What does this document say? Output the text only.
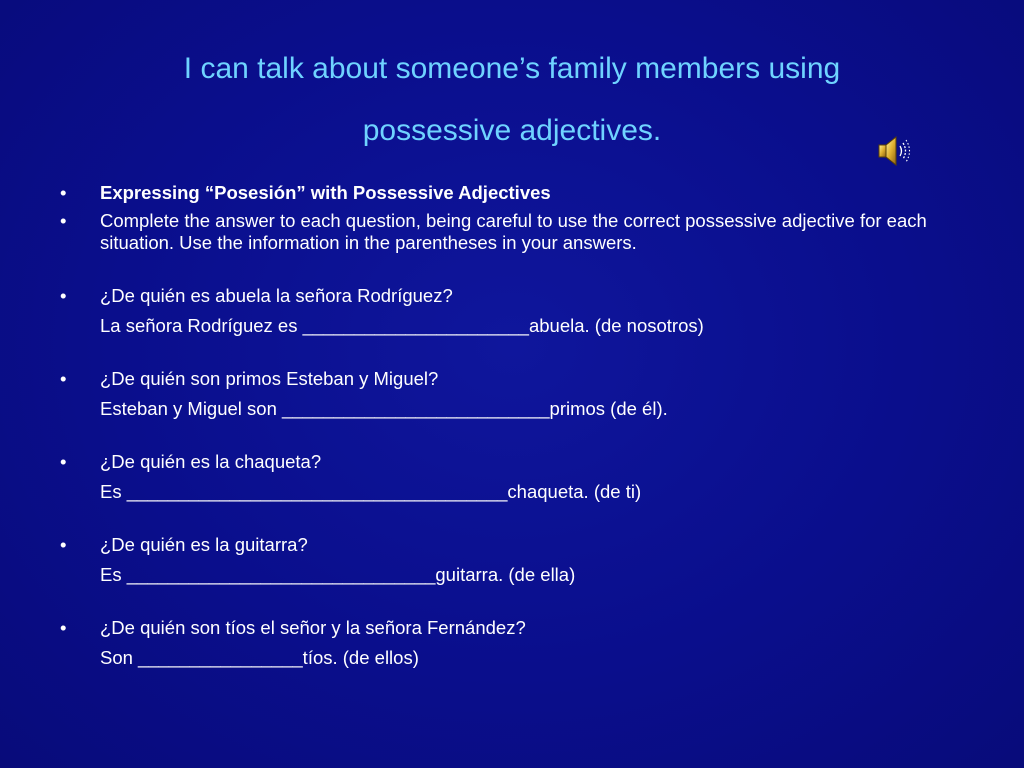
I can talk about someone’s family members using
possessive adjectives.
•	Expressing “Posesión” with Possessive Adjectives
•	Complete the answer to each question, being careful to use the correct possessive adjective for each situation. Use the information in the parentheses in your answers.
•	¿De quién es abuela la señora Rodríguez?
La señora Rodríguez es ______________________abuela. (de nosotros)
•	¿De quién son primos Esteban y Miguel?
Esteban y Miguel son __________________________primos (de él).
•	¿De quién es la chaqueta?
Es _____________________________________chaqueta. (de ti)
•	¿De quién es la guitarra?
Es ______________________________guitarra. (de ella)
•	¿De quién son tíos el señor y la señora Fernández?
Son ________________tíos. (de ellos)
